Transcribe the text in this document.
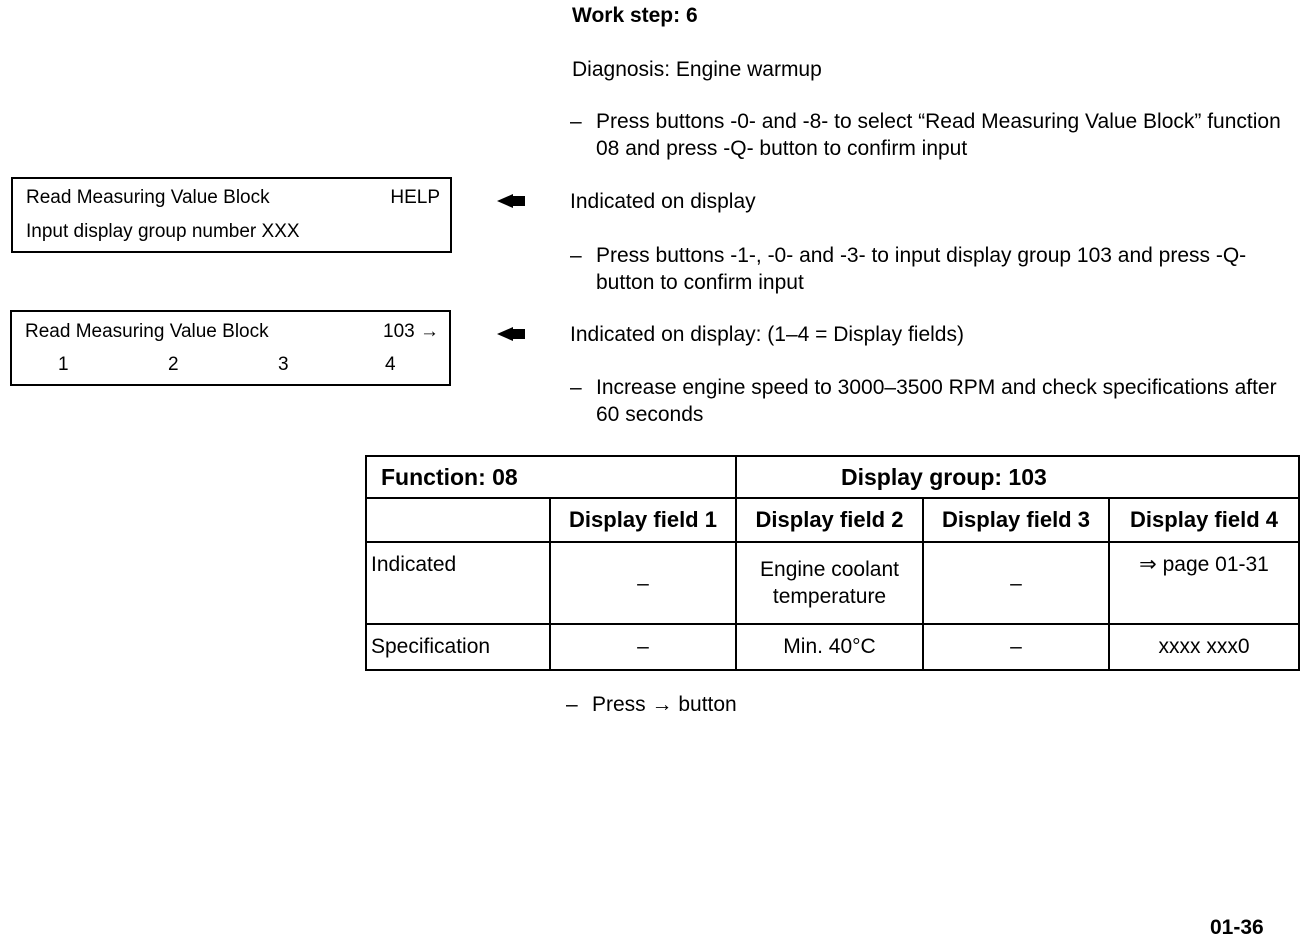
Work step: 6
Diagnosis: Engine warmup
– Press buttons -0- and -8- to select “Read Measuring Value Block” function 08 and press -Q- button to confirm input
Read Measuring Value Block	HELP
Input display group number XXX
Indicated on display
– Press buttons -1-, -0- and -3- to input display group 103 and press -Q- button to confirm input
Read Measuring Value Block	103 →
1	2	3	4
Indicated on display: (1–4 = Display fields)
– Increase engine speed to 3000–3500 RPM and check specifications after 60 seconds
Function: 08		Display group: 103		
	Display field 1	Display field 2	Display field 3	Display field 4
Indicated	–	Engine coolant temperature	–	⇒ page 01-31
Specification	–	Min. 40°C	–	xxxx xxx0
– Press → button
01-36
